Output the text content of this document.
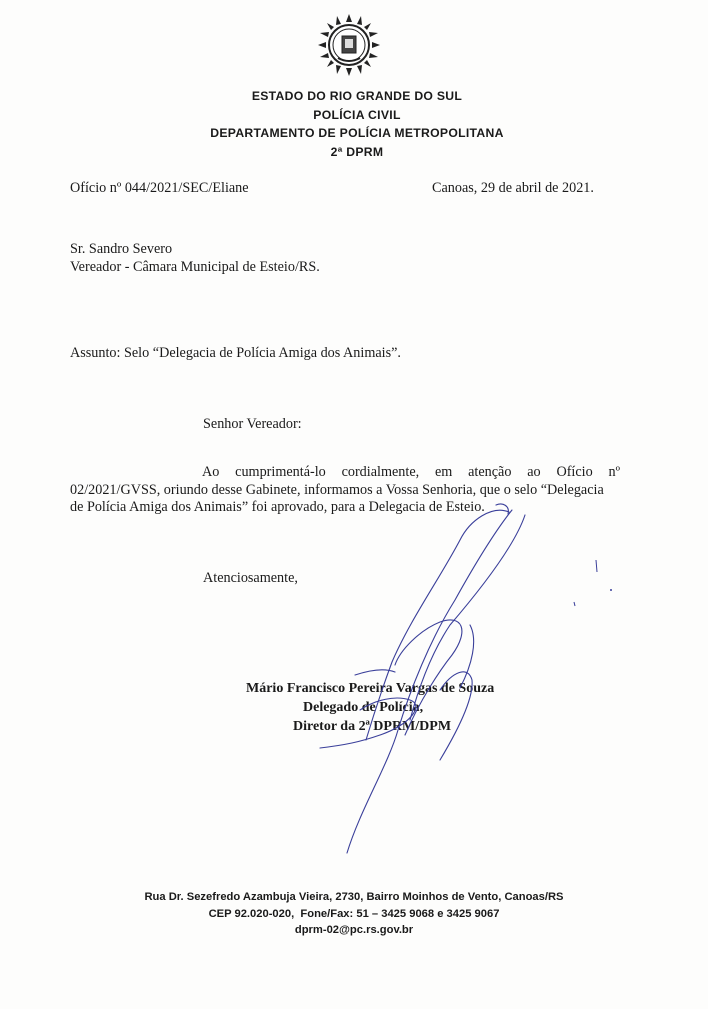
ESTADO DO RIO GRANDE DO SUL
POLÍCIA CIVIL
DEPARTAMENTO DE POLÍCIA METROPOLITANA
2ª DPRM
Ofício nº 044/2021/SEC/Eliane	Canoas, 29 de abril de 2021.
Sr. Sandro Severo
Vereador - Câmara Municipal de Esteio/RS.
Assunto: Selo “Delegacia de Polícia Amiga dos Animais”.
Senhor Vereador:
Ao cumprimentá-lo cordialmente, em atenção ao Ofício nº
02/2021/GVSS, oriundo desse Gabinete, informamos a Vossa Senhoria, que o selo “Delegacia
de Polícia Amiga dos Animais” foi aprovado, para a Delegacia de Esteio.
Atenciosamente,
Mário Francisco Pereira Vargas de Souza
Delegado de Polícia,
Diretor da 2ª DPRM/DPM
Rua Dr. Sezefredo Azambuja Vieira, 2730, Bairro Moinhos de Vento, Canoas/RS
CEP 92.020-020,  Fone/Fax: 51 – 3425 9068 e 3425 9067
dprm-02@pc.rs.gov.br
